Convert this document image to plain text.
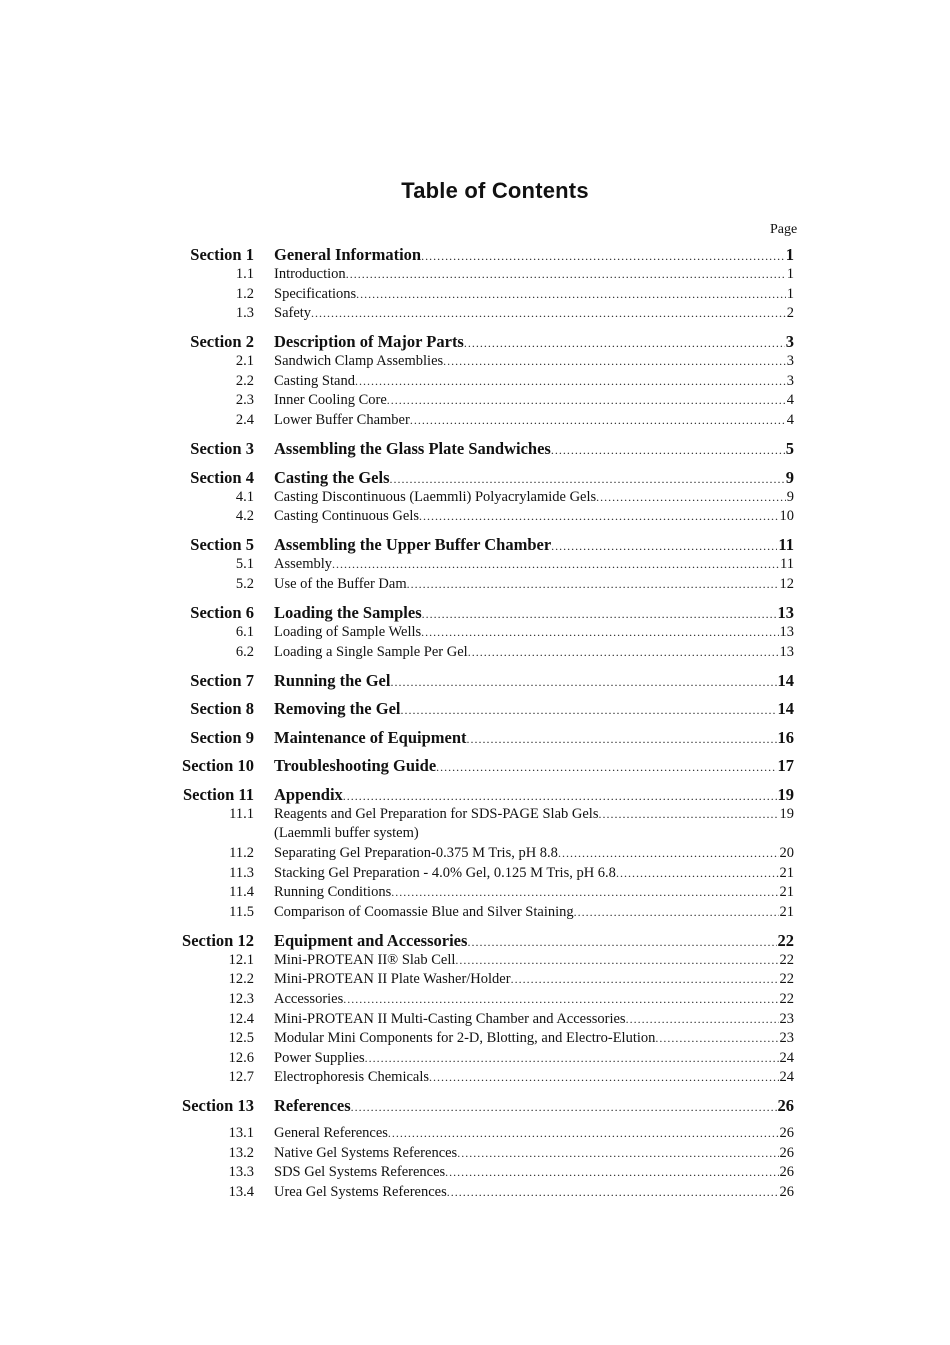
Table of Contents
Page
Section 1 General Information .....	1
1.1 Introduction .....	1
1.2 Specifications .....	1
1.3 Safety .....	2
Section 2 Description of Major Parts .....	3
2.1 Sandwich Clamp Assemblies .....	3
2.2 Casting Stand .....	3
2.3 Inner Cooling Core .....	4
2.4 Lower Buffer Chamber .....	4
Section 3 Assembling the Glass Plate Sandwiches .....	5
Section 4 Casting the Gels .....	9
4.1 Casting Discontinuous (Laemmli) Polyacrylamide Gels .....	9
4.2 Casting Continuous Gels .....	10
Section 5 Assembling the Upper Buffer Chamber .....	11
5.1 Assembly .....	11
5.2 Use of the Buffer Dam .....	12
Section 6 Loading the Samples .....	13
6.1 Loading of Sample Wells .....	13
6.2 Loading a Single Sample Per Gel .....	13
Section 7 Running the Gel .....	14
Section 8 Removing the Gel .....	14
Section 9 Maintenance of Equipment .....	16
Section 10 Troubleshooting Guide .....	17
Section 11 Appendix .....	19
11.1 Reagents and Gel Preparation for SDS-PAGE Slab Gels .....	19
(Laemmli buffer system)
11.2 Separating Gel Preparation-0.375 M Tris, pH 8.8 .....	20
11.3 Stacking Gel Preparation - 4.0% Gel, 0.125 M Tris, pH 6.8 .....	21
11.4 Running Conditions .....	21
11.5 Comparison of Coomassie Blue and Silver Staining .....	21
Section 12 Equipment and Accessories .....	22
12.1 Mini-PROTEAN II® Slab Cell .....	22
12.2 Mini-PROTEAN II Plate Washer/Holder .....	22
12.3 Accessories .....	22
12.4 Mini-PROTEAN II Multi-Casting Chamber and Accessories .....	23
12.5 Modular Mini Components for 2-D, Blotting, and Electro-Elution .....	23
12.6 Power Supplies .....	24
12.7 Electrophoresis Chemicals .....	24
Section 13 References .....	26
13.1 General References .....	26
13.2 Native Gel Systems References .....	26
13.3 SDS Gel Systems References .....	26
13.4 Urea Gel Systems References .....	26
